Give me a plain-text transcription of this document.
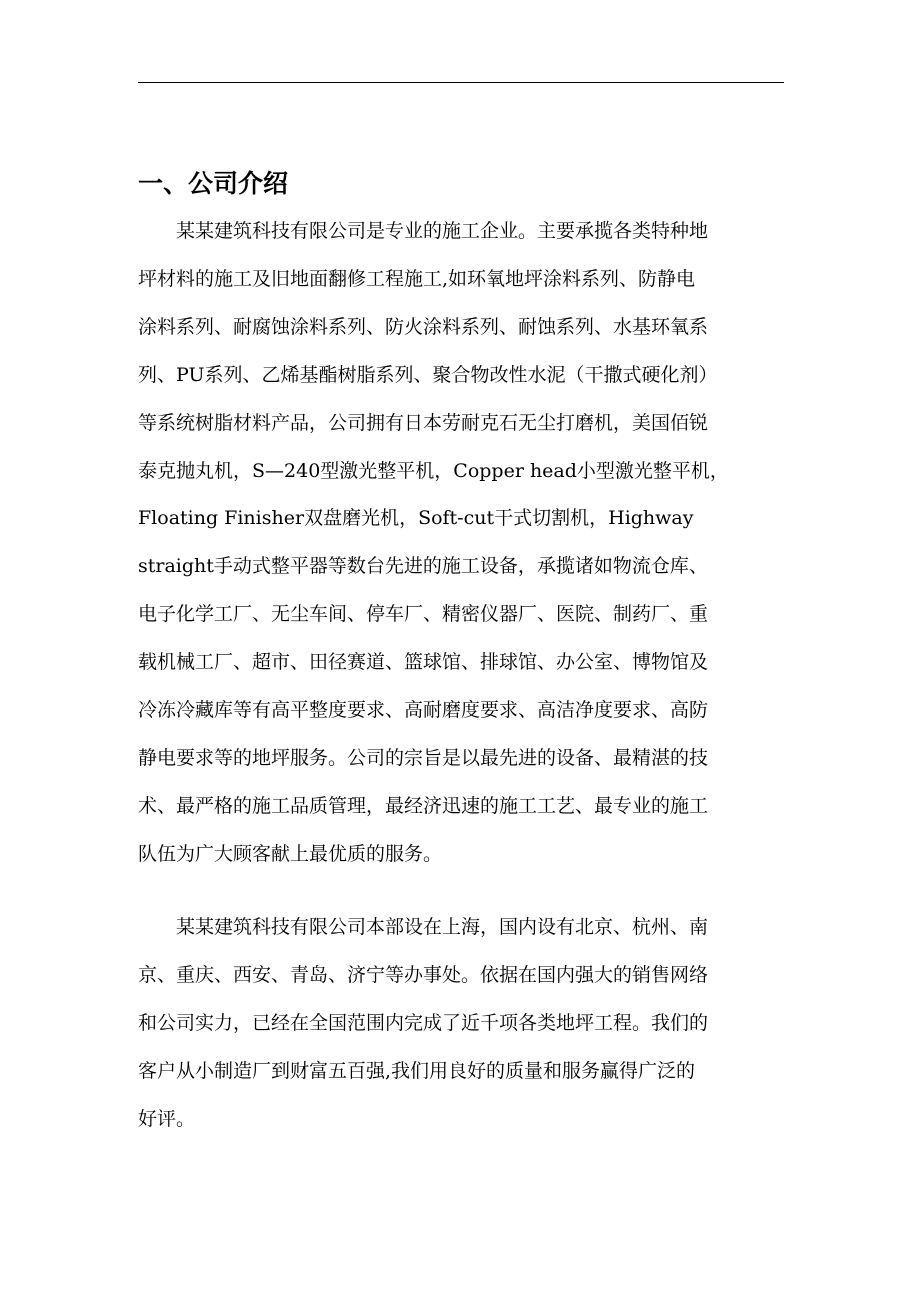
一、公司介绍
　　某某建筑科技有限公司是专业的施工企业。主要承揽各类特种地
坪材料的施工及旧地面翻修工程施工,如环氧地坪涂料系列、防静电
涂料系列、耐腐蚀涂料系列、防火涂料系列、耐蚀系列、水基环氧系
列、PU系列、乙烯基酯树脂系列、聚合物改性水泥（干撒式硬化剂）
等系统树脂材料产品，公司拥有日本劳耐克石无尘打磨机，美国佰锐
泰克抛丸机，S—240型激光整平机，Copper head小型激光整平机，
Floating Finisher双盘磨光机，Soft-cut干式切割机，Highway
straight手动式整平器等数台先进的施工设备，承揽诸如物流仓库、
电子化学工厂、无尘车间、停车厂、精密仪器厂、医院、制药厂、重
载机械工厂、超市、田径赛道、篮球馆、排球馆、办公室、博物馆及
冷冻冷藏库等有高平整度要求、高耐磨度要求、高洁净度要求、高防
静电要求等的地坪服务。公司的宗旨是以最先进的设备、最精湛的技
术、最严格的施工品质管理，最经济迅速的施工工艺、最专业的施工
队伍为广大顾客献上最优质的服务。
　　某某建筑科技有限公司本部设在上海，国内设有北京、杭州、南
京、重庆、西安、青岛、济宁等办事处。依据在国内强大的销售网络
和公司实力，已经在全国范围内完成了近千项各类地坪工程。我们的
客户从小制造厂到财富五百强,我们用良好的质量和服务赢得广泛的
好评。
